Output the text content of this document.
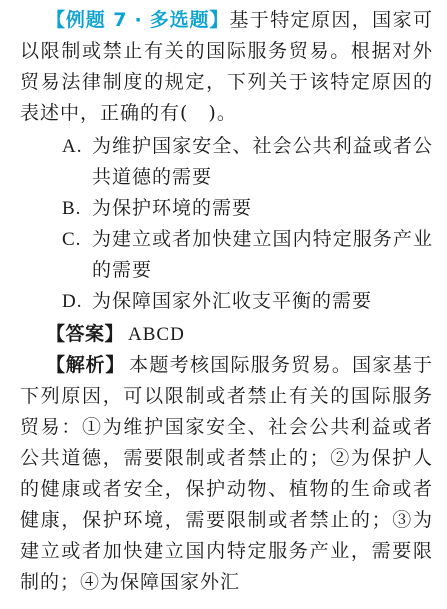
【例题 7 · 多选题】基于特定原因，国家可以限制或禁止有关的国际服务贸易。根据对外贸易法律制度的规定，下列关于该特定原因的表述中，正确的有(　)。
A. 为维护国家安全、社会公共利益或者公共道德的需要
B. 为保护环境的需要
C. 为建立或者加快建立国内特定服务产业的需要
D. 为保障国家外汇收支平衡的需要
【答案】 ABCD
【解析】 本题考核国际服务贸易。国家基于下列原因，可以限制或者禁止有关的国际服务贸易：①为维护国家安全、社会公共利益或者公共道德，需要限制或者禁止的；②为保护人的健康或者安全，保护动物、植物的生命或者健康，保护环境，需要限制或者禁止的；③为建立或者加快建立国内特定服务产业，需要限制的；④为保障国家外汇
